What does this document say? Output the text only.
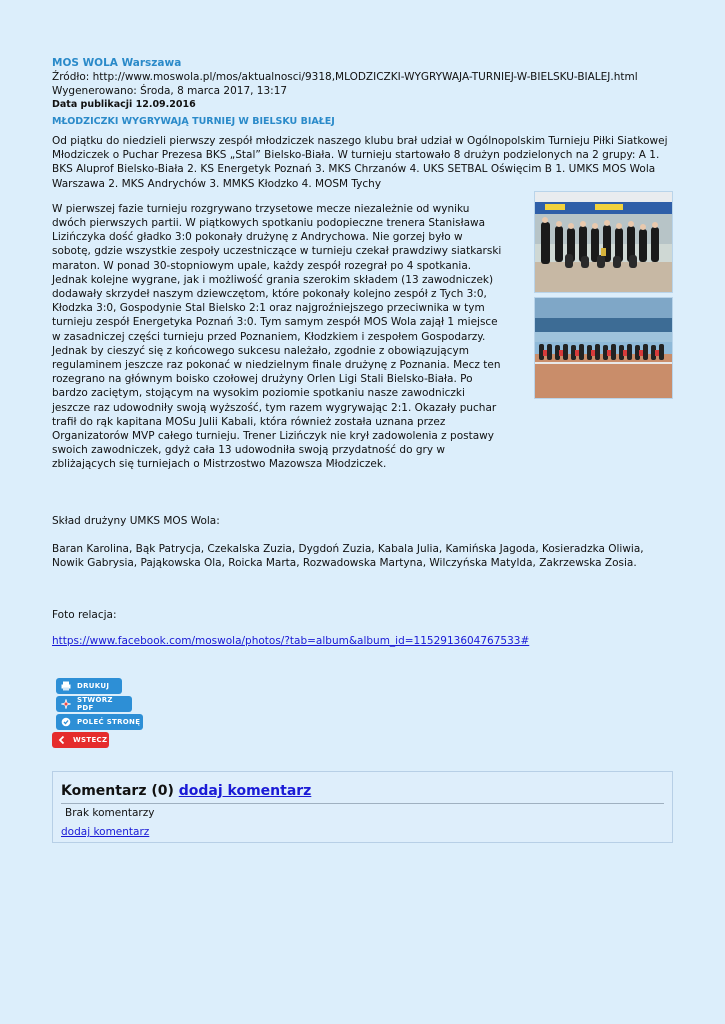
MOS WOLA Warszawa
Źródło: http://www.moswola.pl/mos/aktualnosci/9318,MLODZICZKI-WYGRYWAJA-TURNIEJ-W-BIELSKU-BIALEJ.html
Wygenerowano: Środa, 8 marca 2017, 13:17
Data publikacji 12.09.2016
MŁODZICZKI WYGRYWAJĄ TURNIEJ W BIELSKU BIAŁEJ

Od piątku do niedzieli pierwszy zespół młodziczek naszego klubu brał udział w Ogólnopolskim Turnieju Piłki Siatkowej Młodziczek o Puchar Prezesa BKS „Stal” Bielsko-Biała. W turnieju startowało 8 drużyn podzielonych na 2 grupy: A 1. BKS Aluprof Bielsko-Biała 2. KS Energetyk Poznań 3. MKS Chrzanów 4. UKS SETBAL Oświęcim B 1. UMKS MOS Wola Warszawa 2. MKS Andrychów 3. MMKS Kłodzko 4. MOSM Tychy

W pierwszej fazie turnieju rozgrywano trzysetowe mecze niezależnie od wyniku dwóch pierwszych partii. W piątkowych spotkaniu podopieczne trenera Stanisława Lizińczyka dość gładko 3:0 pokonały drużynę z Andrychowa. Nie gorzej było w sobotę, gdzie wszystkie zespoły uczestniczące w turnieju czekał prawdziwy siatkarski maraton. W ponad 30-stopniowym upale, każdy zespół rozegrał po 4 spotkania. Jednak kolejne wygrane, jak i możliwość grania szerokim składem (13 zawodniczek) dodawały skrzydeł naszym dziewczętom, które pokonały kolejno zespół z Tych 3:0, Kłodzka 3:0, Gospodynie Stal Bielsko 2:1 oraz najgroźniejszego przeciwnika w tym turnieju zespół Energetyka Poznań 3:0. Tym samym zespół MOS Wola zajął 1 miejsce w zasadniczej części turnieju przed Poznaniem, Kłodzkiem i zespołem Gospodarzy. Jednak by cieszyć się z końcowego sukcesu należało, zgodnie z obowiązującym regulaminem jeszcze raz pokonać w niedzielnym finale drużynę z Poznania. Mecz ten rozegrano na głównym boisko czołowej drużyny Orlen Ligi Stali Bielsko-Biała. Po bardzo zaciętym, stojącym na wysokim poziomie spotkaniu nasze zawodniczki jeszcze raz udowodniły swoją wyższość, tym razem wygrywając 2:1. Okazały puchar trafił do rąk kapitana MOSu Julii Kabali, która również została uznana przez Organizatorów MVP całego turnieju. Trener Lizińczyk nie krył zadowolenia z postawy swoich zawodniczek, gdyż cała 13 udowodniła swoją przydatność do gry w zbliżających się turniejach o Mistrzostwo Mazowsza Młodziczek.

Skład drużyny UMKS MOS Wola:

Baran Karolina, Bąk Patrycja, Czekalska Zuzia, Dygdoń Zuzia, Kabala Julia, Kamińska Jagoda, Kosieradzka Oliwia, Nowik Gabrysia, Pająkowska Ola, Roicka Marta, Rozwadowska Martyna, Wilczyńska Matylda, Zakrzewska Zosia.

Foto relacja:

https://www.facebook.com/moswola/photos/?tab=album&album_id=1152913604767533#
DRUKUJ
STWÓRZ PDF
POLEĆ STRONĘ
WSTECZ
Komentarz (0) dodaj komentarz
Brak komentarzy
dodaj komentarz
